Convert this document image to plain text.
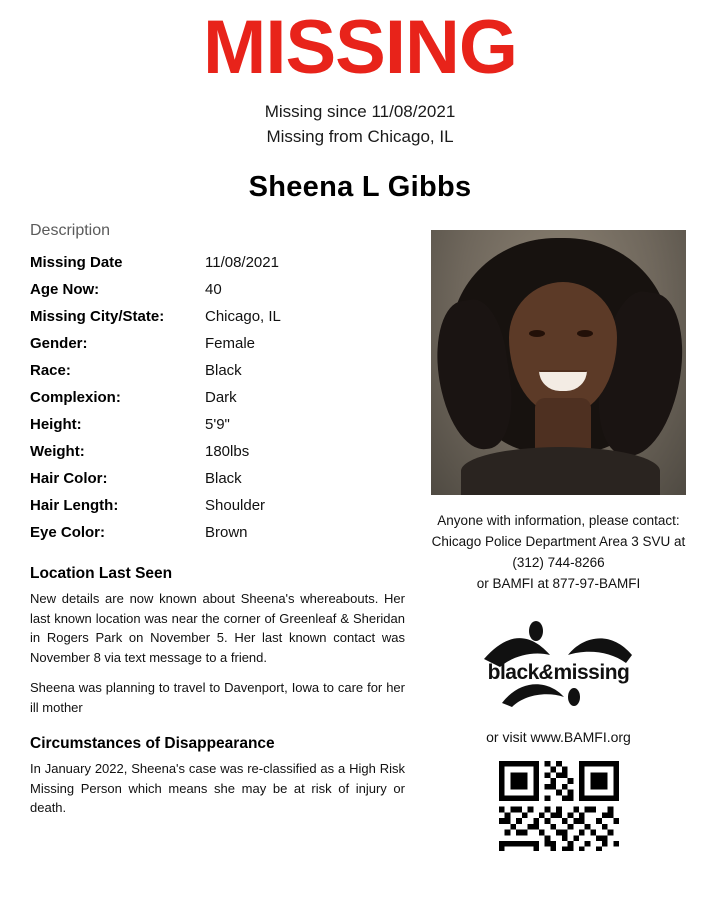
MISSING
Missing since 11/08/2021
Missing from Chicago, IL
Sheena L Gibbs
Description
Missing Date	11/08/2021
Age Now:	40
Missing City/State:	Chicago, IL
Gender:	Female
Race:	Black
Complexion:	Dark
Height:	5'9"
Weight:	180lbs
Hair Color:	Black
Hair Length:	Shoulder
Eye Color:	Brown
Location Last Seen

New details are now known about Sheena's whereabouts. Her last known location was near the corner of Greenleaf & Sheridan in Rogers Park on November 5. Her last known contact was November 8 via text message to a friend.

Sheena was planning to travel to Davenport, Iowa to care for her ill mother

Circumstances of Disappearance

In January 2022, Sheena's case was re-classified as a High Risk Missing Person which means she may be at risk of injury or death.

Anyone with information, please contact:
Chicago Police Department Area 3 SVU at
(312) 744-8266
or BAMFI at 877-97-BAMFI
black&missing
or visit www.BAMFI.org
